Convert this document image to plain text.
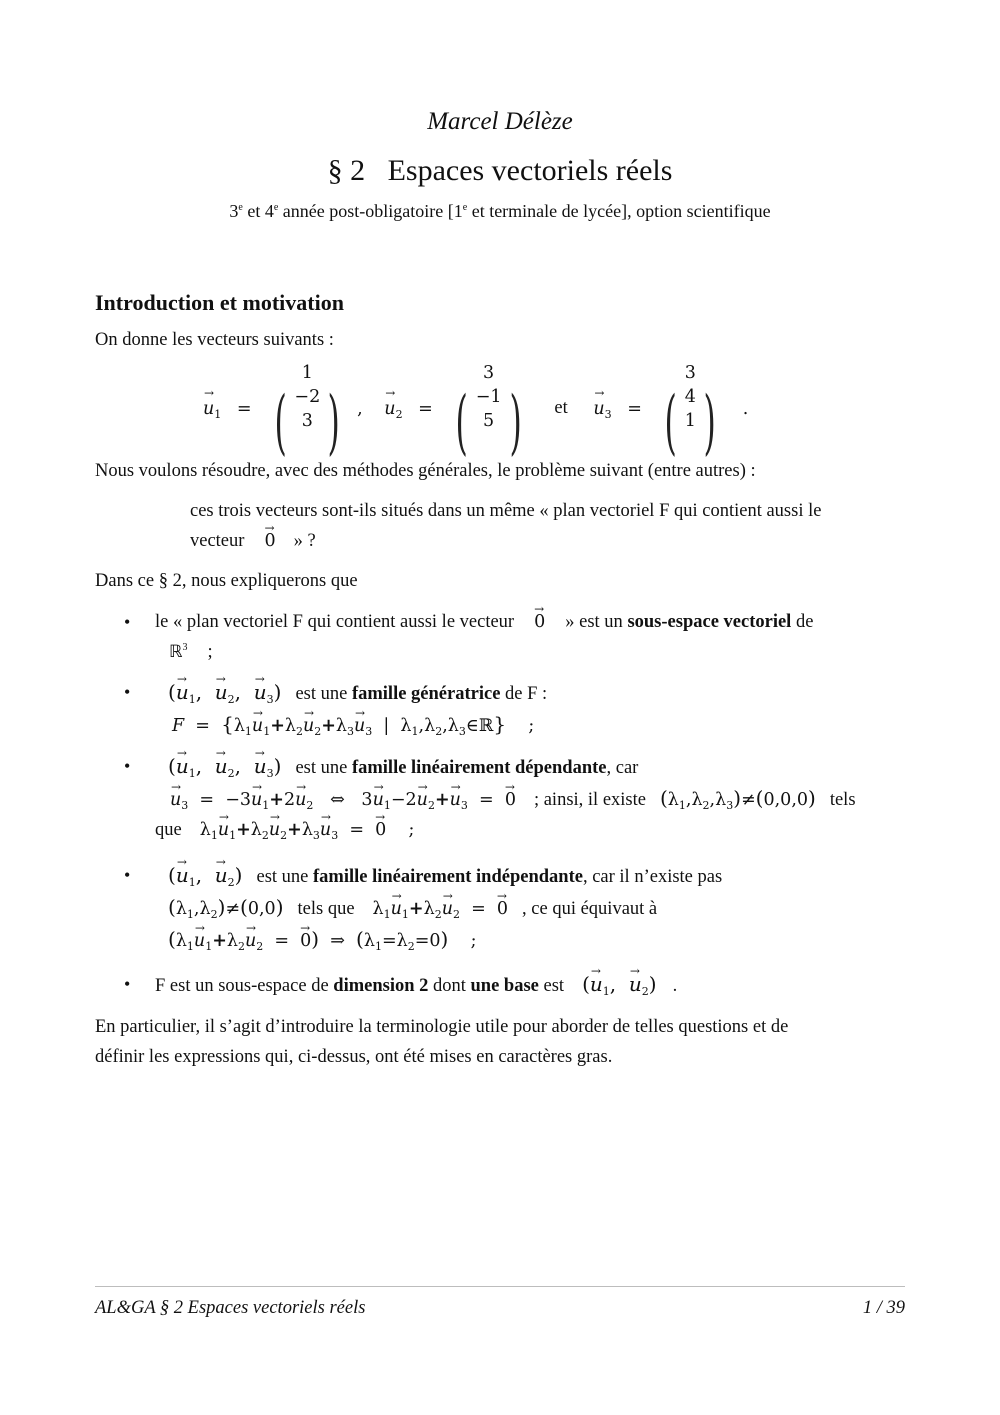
Marcel Délèze
§ 2   Espaces vectoriels réels
3e et 4e année post-obligatoire [1e et terminale de lycée], option scientifique
Introduction et motivation
On donne les vecteurs suivants :
→ $u_1 = (1$
−2
3 ) , → $u_2 = (3$
−1
5 ) et → $u_3 = (3$
4
1 ) .
Nous voulons résoudre, avec des méthodes générales, le problème suivant (entre autres) :
ces trois vecteurs sont-ils situés dans un même « plan vectoriel F qui contient aussi le
vecteur → 0 » ?
Dans ce § 2, nous expliquerons que
• le « plan vectoriel F qui contient aussi le vecteur → 0 » est un sous-espace vectoriel de
ℝ$^3$ ;
• (→ $u_1$,  → $u_2$,  → $u_3$) est une famille génératrice de F :
$F = \{\lambda_1\to u_1+\lambda_2\to u_2+\lambda_3\to u_3$  |  $\lambda_1,\lambda_2,\lambda_3\in ℝ$}    ;
•	(→ $u_1$,  → $u_2$,  → $u_3$) est une famille linéairement dépendante, car
→ $u_3 = -3\to u_1+2\to u_2$   ⇔   $3\to u_1-2\to u_2+\to u_3$  =  → 0 ; ainsi, il existe $(\lambda_1,\lambda_2,\lambda_3)\ne(0,0,0)$ tels
que $\lambda_1\to u_1+\lambda_2\to u_2+\lambda_3\to u_3$  =  → 0    ;
• (→ $u_1$,  → $u_2$) est une famille linéairement indépendante, car il n’existe pas
$(\lambda_1,\lambda_2)\ne(0,0)$ tels que $\lambda_1\to u_1+\lambda_2\to u_2$  =  → 0 , ce qui équivaut à
($\lambda_1\to u_1+\lambda_2\to u_2$  =  → 0)  ⇒  $(\lambda_1=\lambda_2=0)$    ;
• F est un sous-espace de dimension 2 dont une base est (→ $u_1$,  → $u_2$) .
En particulier, il s’agit d’introduire la terminologie utile pour aborder de telles questions et de
définir les expressions qui, ci-dessus, ont été mises en caractères gras.
AL&GA § 2 Espaces vectoriels réels	1 / 39
